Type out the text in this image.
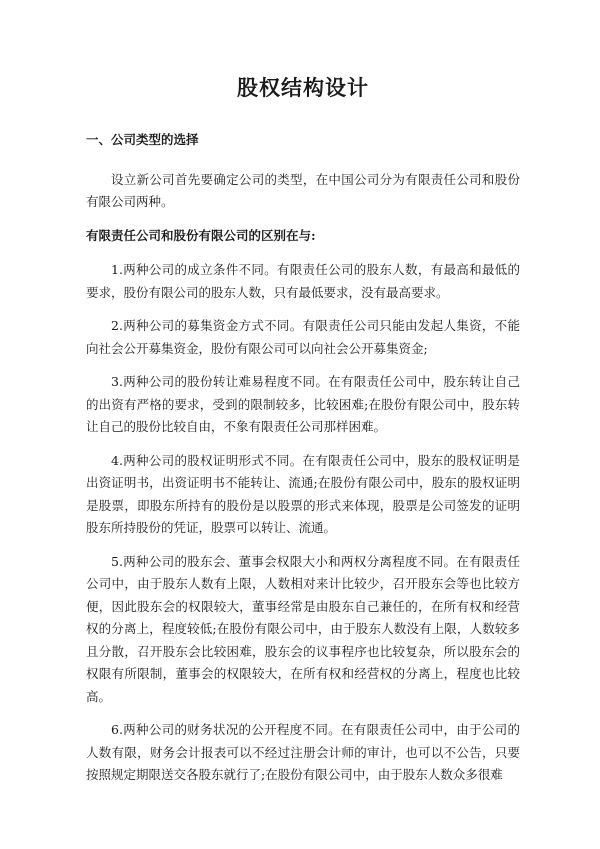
股权结构设计
一、公司类型的选择

设立新公司首先要确定公司的类型，在中国公司分为有限责任公司和股份有限公司两种。

有限责任公司和股份有限公司的区别在与:

1.两种公司的成立条件不同。有限责任公司的股东人数，有最高和最低的要求，股份有限公司的股东人数，只有最低要求，没有最高要求。

2.两种公司的募集资金方式不同。有限责任公司只能由发起人集资，不能向社会公开募集资金，股份有限公司可以向社会公开募集资金;

3.两种公司的股份转让难易程度不同。在有限责任公司中，股东转让自己的出资有严格的要求，受到的限制较多，比较困难;在股份有限公司中，股东转让自己的股份比较自由，不象有限责任公司那样困难。

4.两种公司的股权证明形式不同。在有限责任公司中，股东的股权证明是出资证明书，出资证明书不能转让、流通;在股份有限公司中，股东的股权证明是股票，即股东所持有的股份是以股票的形式来体现，股票是公司签发的证明股东所持股份的凭证，股票可以转让、流通。

5.两种公司的股东会、董事会权限大小和两权分离程度不同。在有限责任公司中，由于股东人数有上限，人数相对来计比较少，召开股东会等也比较方便，因此股东会的权限较大，董事经常是由股东自己兼任的，在所有权和经营权的分离上，程度较低;在股份有限公司中，由于股东人数没有上限，人数较多且分散，召开股东会比较困难，股东会的议事程序也比较复杂，所以股东会的权限有所限制，董事会的权限较大，在所有权和经营权的分离上，程度也比较高。

6.两种公司的财务状况的公开程度不同。在有限责任公司中，由于公司的人数有限，财务会计报表可以不经过注册会计师的审计，也可以不公告，只要按照规定期限送交各股东就行了;在股份有限公司中，由于股东人数众多很难
